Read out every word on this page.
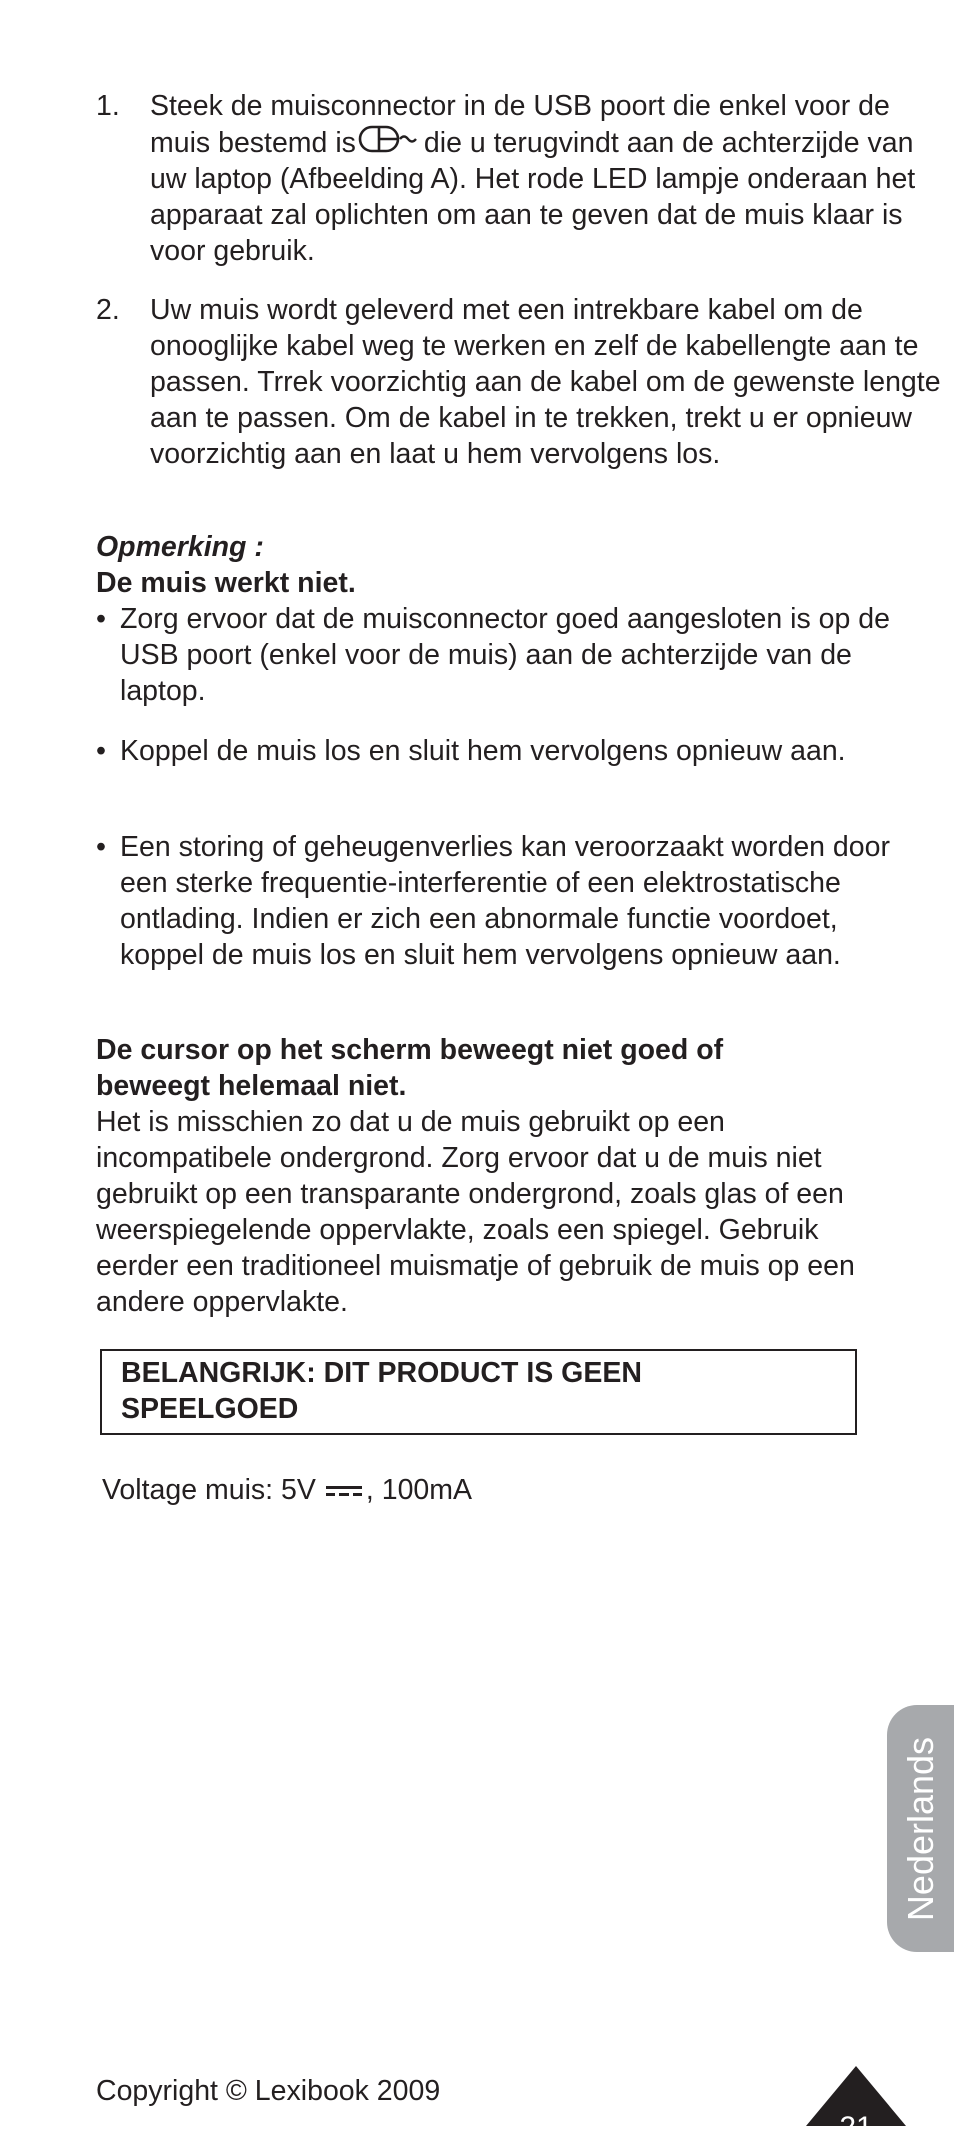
1. Steek de muisconnector in de USB poort die enkel voor de muis bestemd is die u terugvindt aan de achterzijde van uw laptop (Afbeelding A). Het rode LED lampje onderaan het apparaat zal oplichten om aan te geven dat de muis klaar is voor gebruik.
2. Uw muis wordt geleverd met een intrekbare kabel om de onooglijke kabel weg te werken en zelf de kabellengte aan te passen. Trrek voorzichtig aan de kabel om de gewenste lengte aan te passen. Om de kabel in te trekken, trekt u er opnieuw voorzichtig aan en laat u hem vervolgens los.
Opmerking :
De muis werkt niet.
• Zorg ervoor dat de muisconnector goed aangesloten is op de USB poort (enkel voor de muis) aan de achterzijde van de laptop.
• Koppel de muis los en sluit hem vervolgens opnieuw aan.
• Een storing of geheugenverlies kan veroorzaakt worden door een sterke frequentie-interferentie of een elektrostatische ontlading. Indien er zich een abnormale functie voordoet, koppel de muis los en sluit hem vervolgens opnieuw aan.
De cursor op het scherm beweegt niet goed of beweegt helemaal niet.
Het is misschien zo dat u de muis gebruikt op een incompatibele ondergrond. Zorg ervoor dat u de muis niet gebruikt op een transparante ondergrond, zoals glas of een weerspiegelende oppervlakte, zoals een spiegel. Gebruik eerder een traditioneel muismatje of gebruik de muis op een andere oppervlakte.
BELANGRIJK: DIT PRODUCT IS GEEN SPEELGOED
Voltage muis: 5V , 100mA
Nederlands
Copyright © Lexibook 2009
21
